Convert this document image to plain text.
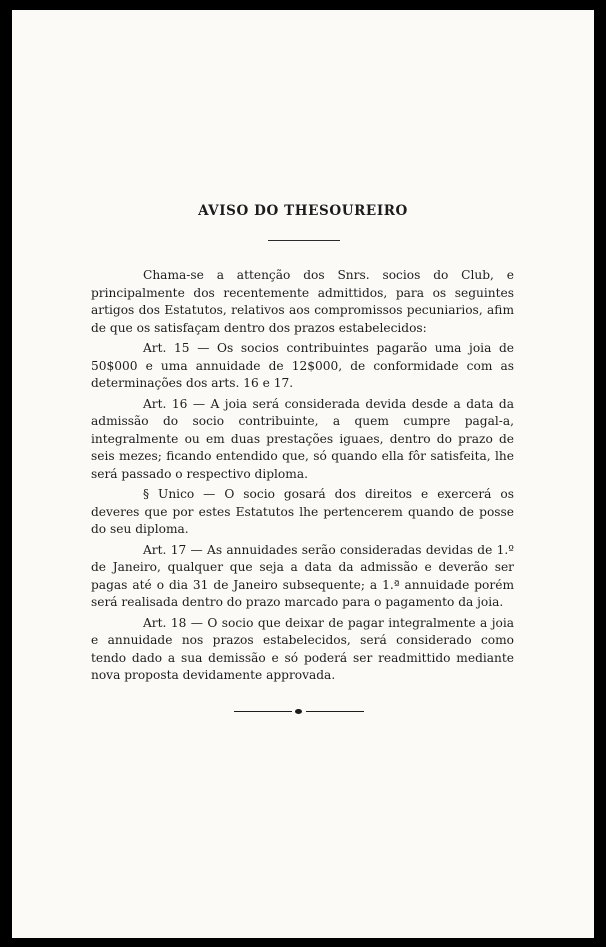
AVISO DO THESOUREIRO

Chama-se a attenção dos Snrs. socios do Club, e principalmente dos recentemente admittidos, para os seguintes artigos dos Estatutos, relativos aos compromissos pecuniarios, afim de que os satisfaçam dentro dos prazos estabelecidos:

Art. 15 — Os socios contribuintes pagarão uma joia de 50$000 e uma annuidade de 12$000, de conformidade com as determinações dos arts. 16 e 17.

Art. 16 — A joia será considerada devida desde a data da admissão do socio contribuinte, a quem cumpre pagal-a, integralmente ou em duas prestações iguaes, dentro do prazo de seis mezes; ficando entendido que, só quando ella fôr satisfeita, lhe será passado o respectivo diploma.

§ Unico — O socio gosará dos direitos e exercerá os deveres que por estes Estatutos lhe pertencerem quando de posse do seu diploma.

Art. 17 — As annuidades serão consideradas devidas de 1.º de Janeiro, qualquer que seja a data da admissão e deverão ser pagas até o dia 31 de Janeiro subsequente; a 1.ª annuidade porém será realisada dentro do prazo marcado para o pagamento da joia.

Art. 18 — O socio que deixar de pagar integralmente a joia e annuidade nos prazos estabelecidos, será considerado como tendo dado a sua demissão e só poderá ser readmittido mediante nova proposta devidamente approvada.
